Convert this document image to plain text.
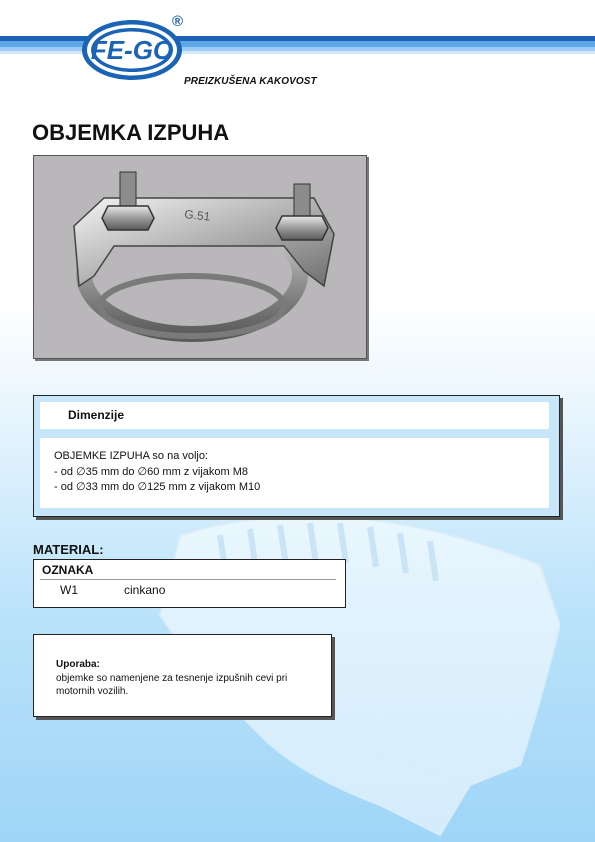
FE-GO
®
PREIZKUŠENA KAKOVOST
OBJEMKA IZPUHA
G.51
Dimenzije
OBJEMKE IZPUHA so na voljo:
- od ∅35 mm do ∅60 mm z vijakom M8
- od ∅33 mm do ∅125 mm z vijakom M10
MATERIAL:
OZNAKA
W1	cinkano
Uporaba:
objemke so namenjene za tesnenje izpušnih cevi pri motornih vozilih.
